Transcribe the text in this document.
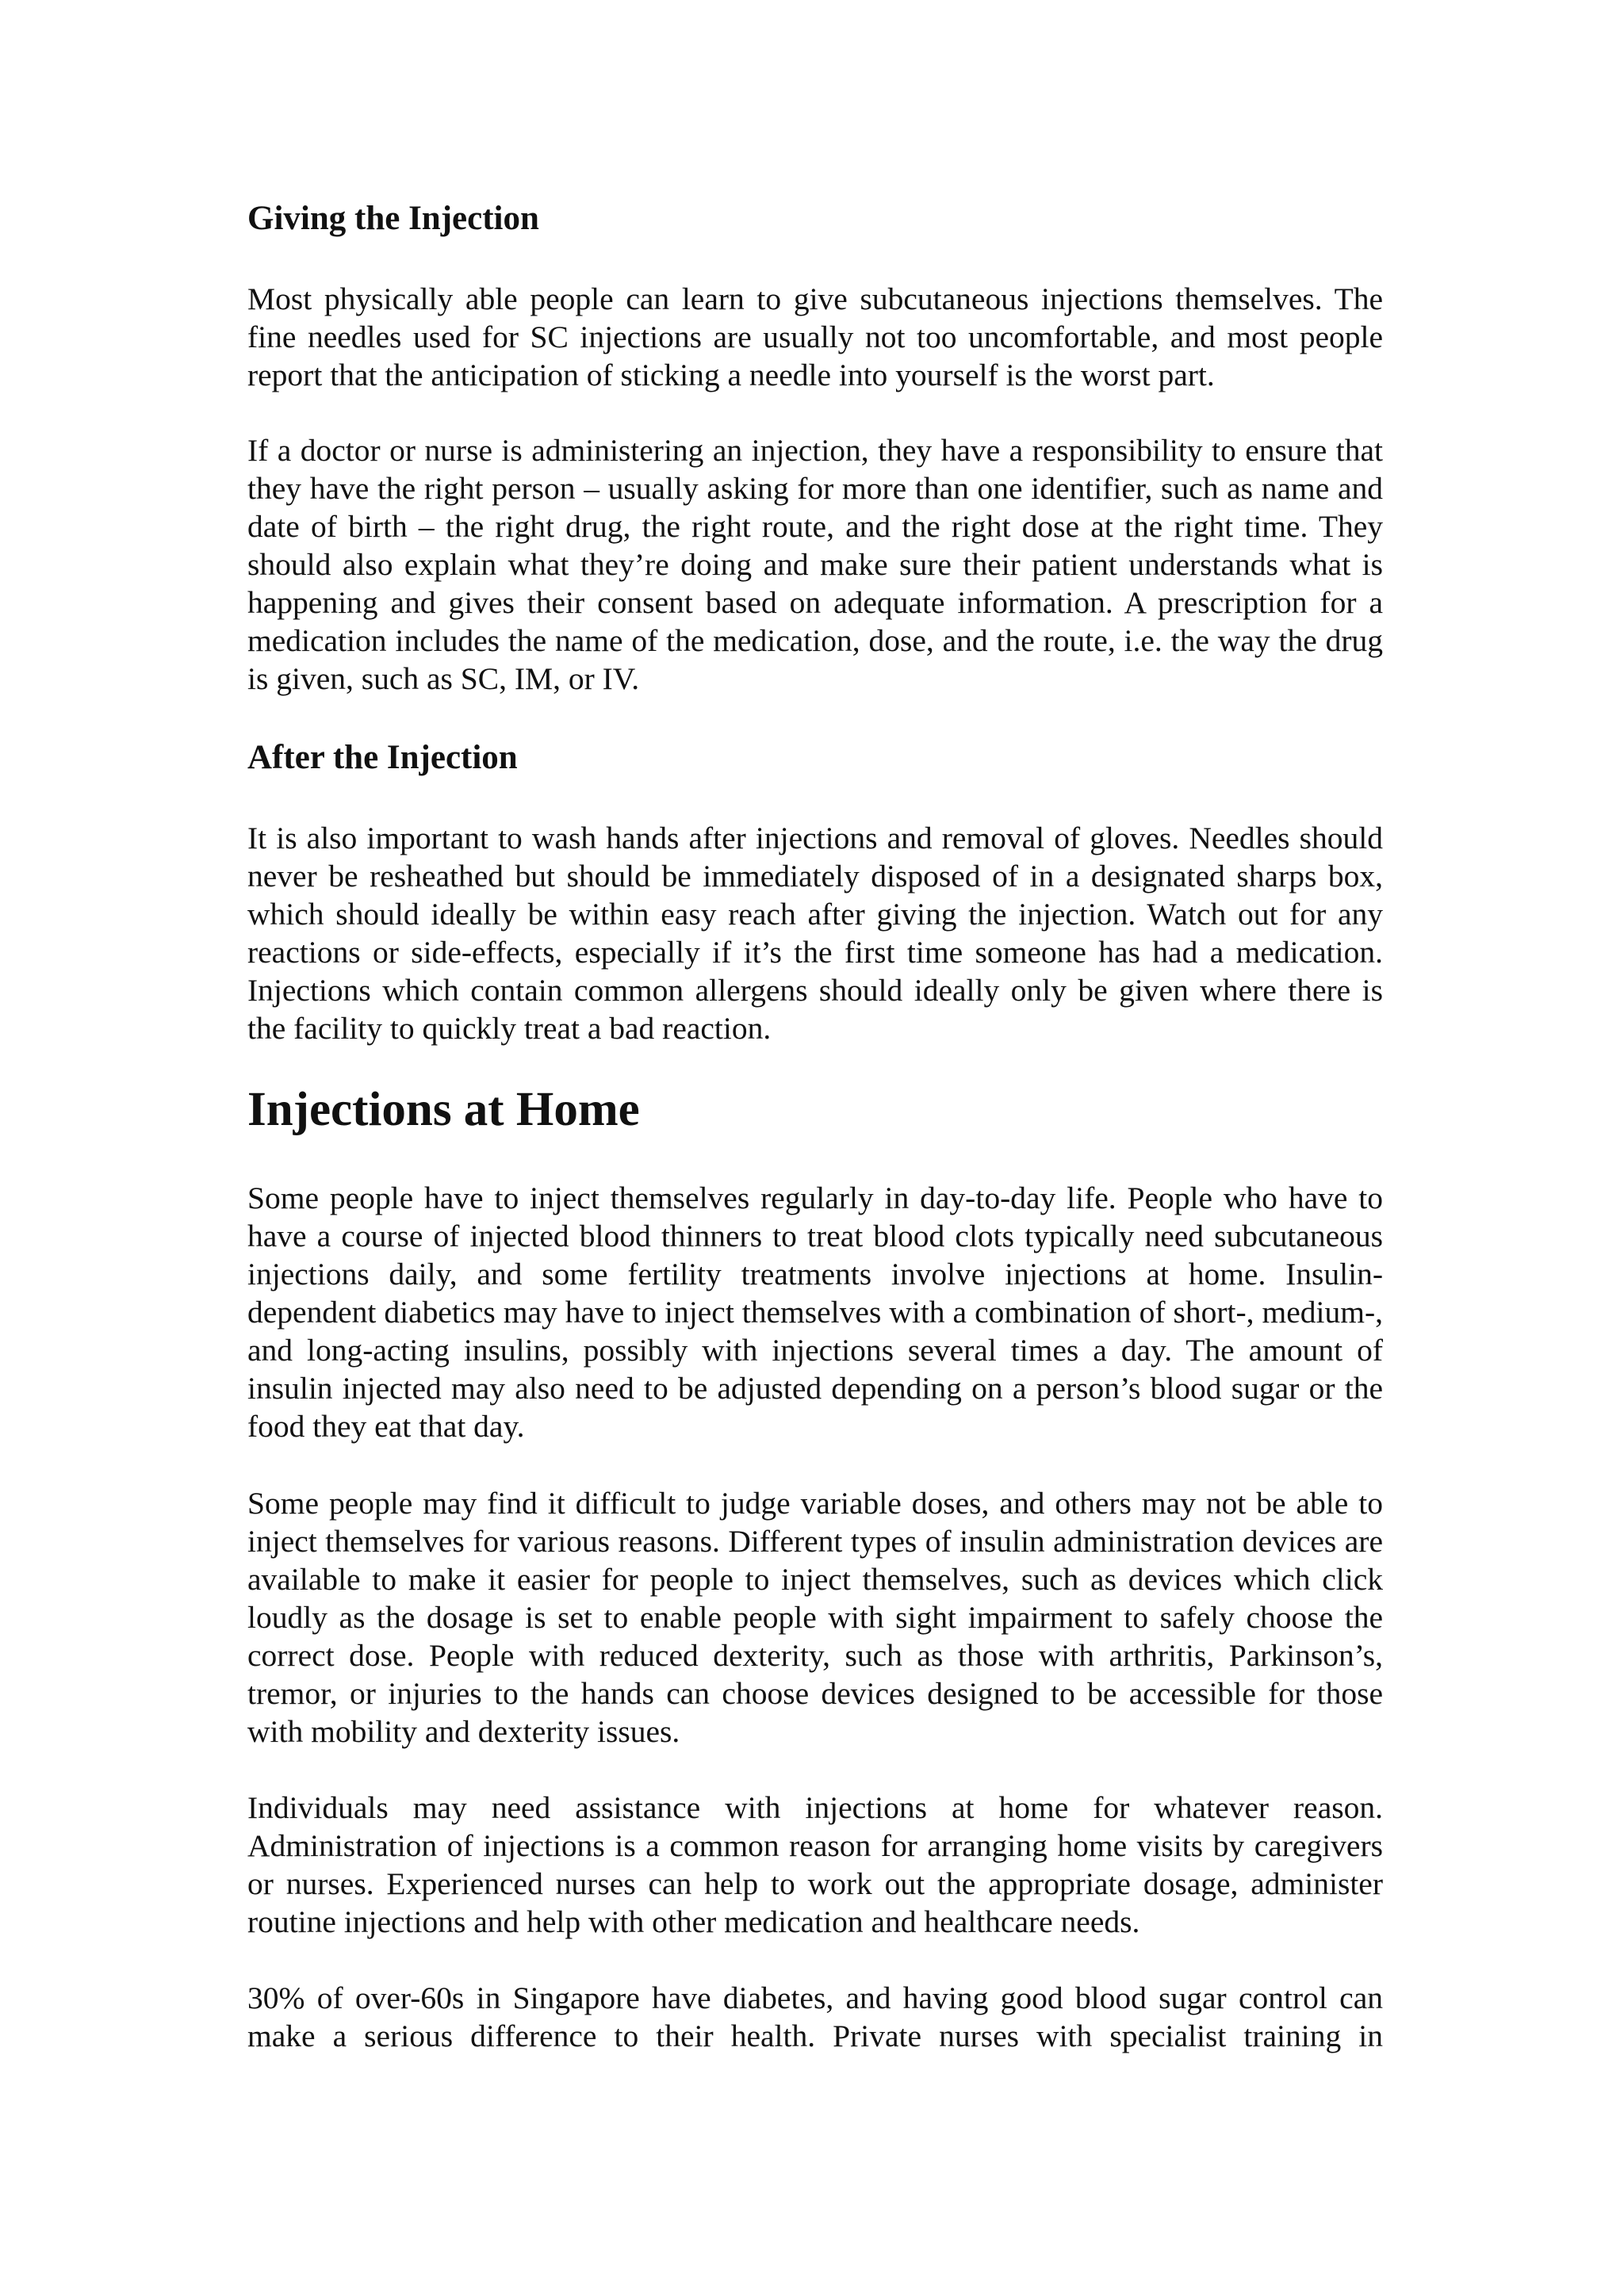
Giving the Injection

Most physically able people can learn to give subcutaneous injections themselves. The fine needles used for SC injections are usually not too uncomfortable, and most people report that the anticipation of sticking a needle into yourself is the worst part.

If a doctor or nurse is administering an injection, they have a responsibility to ensure that they have the right person – usually asking for more than one identifier, such as name and date of birth – the right drug, the right route, and the right dose at the right time. They should also explain what they’re doing and make sure their patient understands what is happening and gives their consent based on adequate information. A prescription for a medication includes the name of the medication, dose, and the route, i.e. the way the drug is given, such as SC, IM, or IV.

After the Injection

It is also important to wash hands after injections and removal of gloves. Needles should never be resheathed but should be immediately disposed of in a designated sharps box, which should ideally be within easy reach after giving the injection. Watch out for any reactions or side-effects, especially if it’s the first time someone has had a medication. Injections which contain common allergens should ideally only be given where there is the facility to quickly treat a bad reaction.

Injections at Home

Some people have to inject themselves regularly in day-to-day life. People who have to have a course of injected blood thinners to treat blood clots typically need subcutaneous injections daily, and some fertility treatments involve injections at home. Insulin-dependent diabetics may have to inject themselves with a combination of short-, medium-, and long-acting insulins, possibly with injections several times a day. The amount of insulin injected may also need to be adjusted depending on a person’s blood sugar or the food they eat that day.

Some people may find it difficult to judge variable doses, and others may not be able to inject themselves for various reasons. Different types of insulin administration devices are available to make it easier for people to inject themselves, such as devices which click loudly as the dosage is set to enable people with sight impairment to safely choose the correct dose. People with reduced dexterity, such as those with arthritis, Parkinson’s, tremor, or injuries to the hands can choose devices designed to be accessible for those with mobility and dexterity issues.

Individuals may need assistance with injections at home for whatever reason. Administration of injections is a common reason for arranging home visits by caregivers or nurses. Experienced nurses can help to work out the appropriate dosage, administer routine injections and help with other medication and healthcare needs.

30% of over-60s in Singapore have diabetes, and having good blood sugar control can make a serious difference to their health. Private nurses with specialist training in
